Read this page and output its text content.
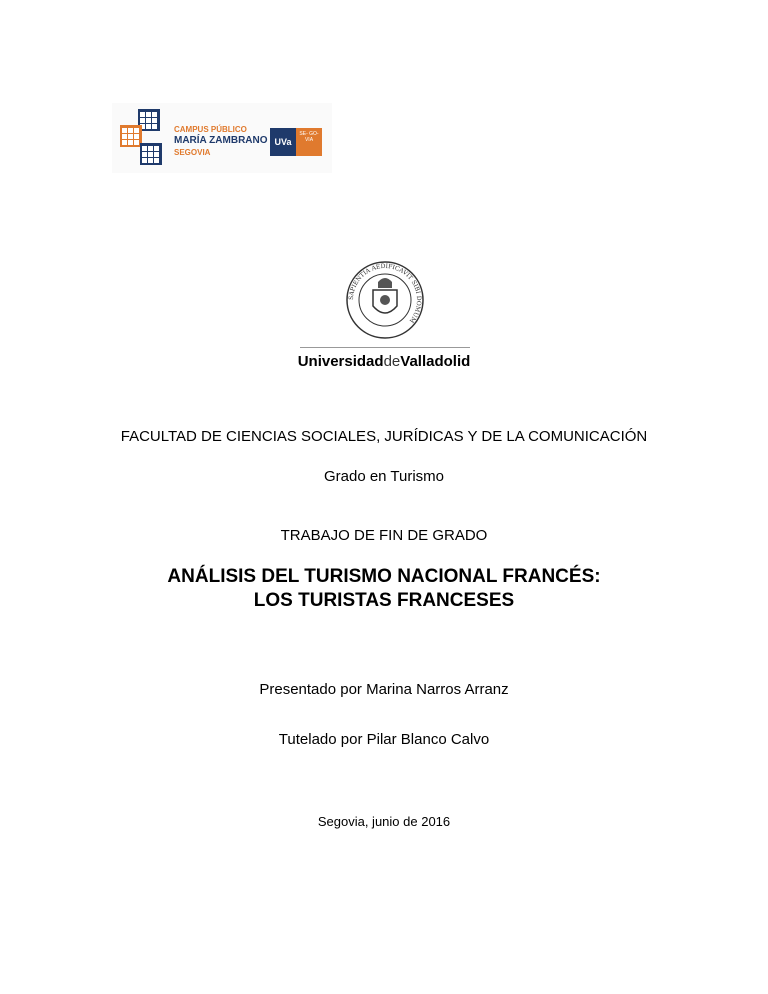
CAMPUS PÚBLICO
MARÍA ZAMBRANO
SEGOVIA
UVa
SE- GO- VIA
SAPIENTIA AEDIFICAVIT SIBI DOMUM
UniversidaddeValladolid
FACULTAD DE CIENCIAS SOCIALES, JURÍDICAS Y DE LA COMUNICACIÓN
Grado en Turismo
TRABAJO DE FIN DE GRADO
ANÁLISIS DEL TURISMO NACIONAL FRANCÉS:
LOS TURISTAS FRANCESES
Presentado por Marina Narros Arranz
Tutelado por Pilar Blanco Calvo
Segovia, junio de 2016
